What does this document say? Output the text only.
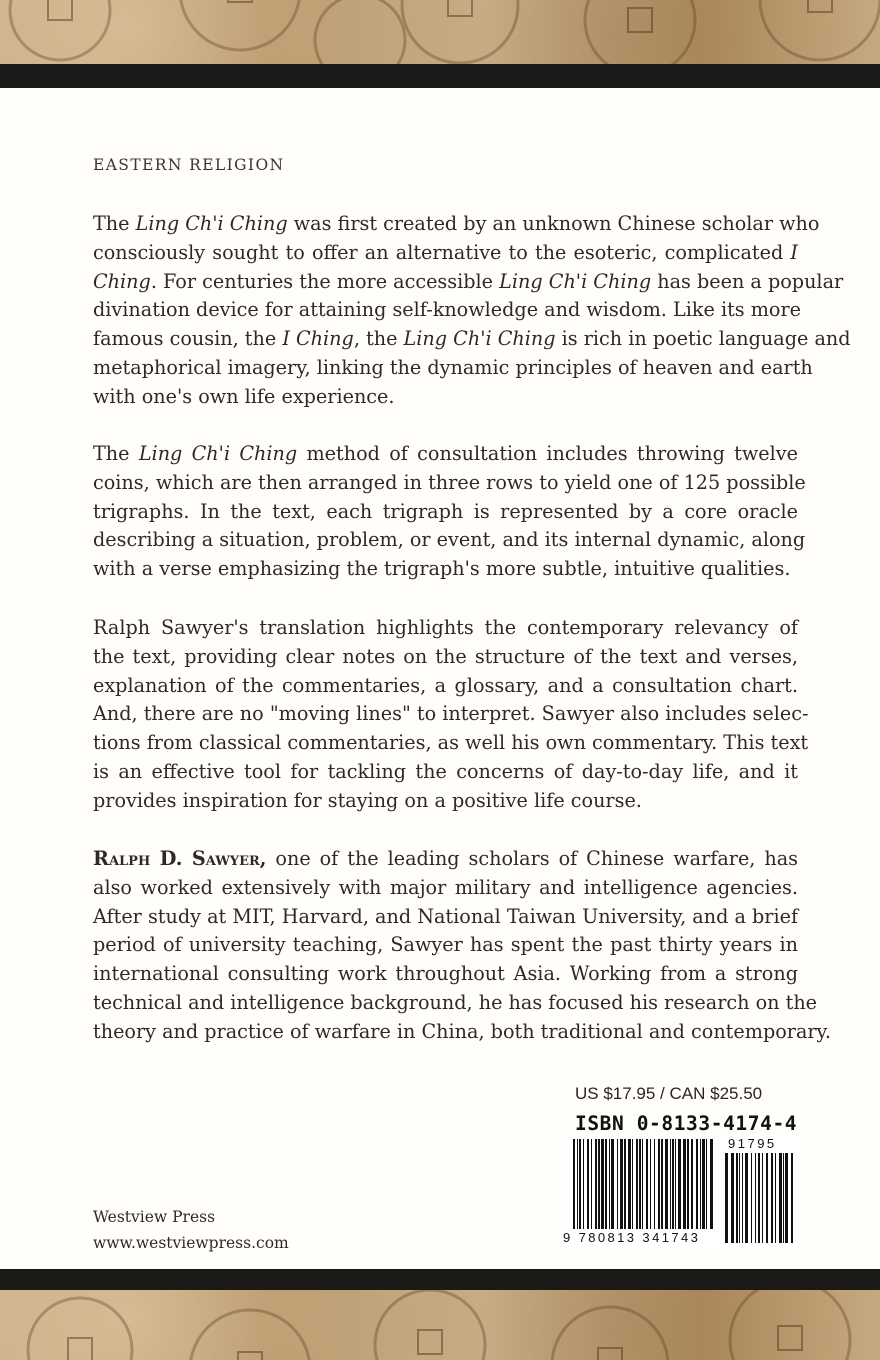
EASTERN RELIGION
The Ling Ch'i Ching was first created by an unknown Chinese scholar who
consciously sought to offer an alternative to the esoteric, complicated I
Ching. For centuries the more accessible Ling Ch'i Ching has been a popular
divination device for attaining self-knowledge and wisdom. Like its more
famous cousin, the I Ching, the Ling Ch'i Ching is rich in poetic language and
metaphorical imagery, linking the dynamic principles of heaven and earth
with one's own life experience.
The Ling Ch'i Ching method of consultation includes throwing twelve
coins, which are then arranged in three rows to yield one of 125 possible
trigraphs. In the text, each trigraph is represented by a core oracle
describing a situation, problem, or event, and its internal dynamic, along
with a verse emphasizing the trigraph's more subtle, intuitive qualities.
Ralph Sawyer's translation highlights the contemporary relevancy of
the text, providing clear notes on the structure of the text and verses,
explanation of the commentaries, a glossary, and a consultation chart.
And, there are no "moving lines" to interpret. Sawyer also includes selec-
tions from classical commentaries, as well his own commentary. This text
is an effective tool for tackling the concerns of day-to-day life, and it
provides inspiration for staying on a positive life course.
Ralph D. Sawyer, one of the leading scholars of Chinese warfare, has
also worked extensively with major military and intelligence agencies.
After study at MIT, Harvard, and National Taiwan University, and a brief
period of university teaching, Sawyer has spent the past thirty years in
international consulting work throughout Asia. Working from a strong
technical and intelligence background, he has focused his research on the
theory and practice of warfare in China, both traditional and contemporary.
US $17.95 / CAN $25.50
ISBN 0-8133-4174-4
91795
9 780813 341743
Westview Press
www.westviewpress.com
